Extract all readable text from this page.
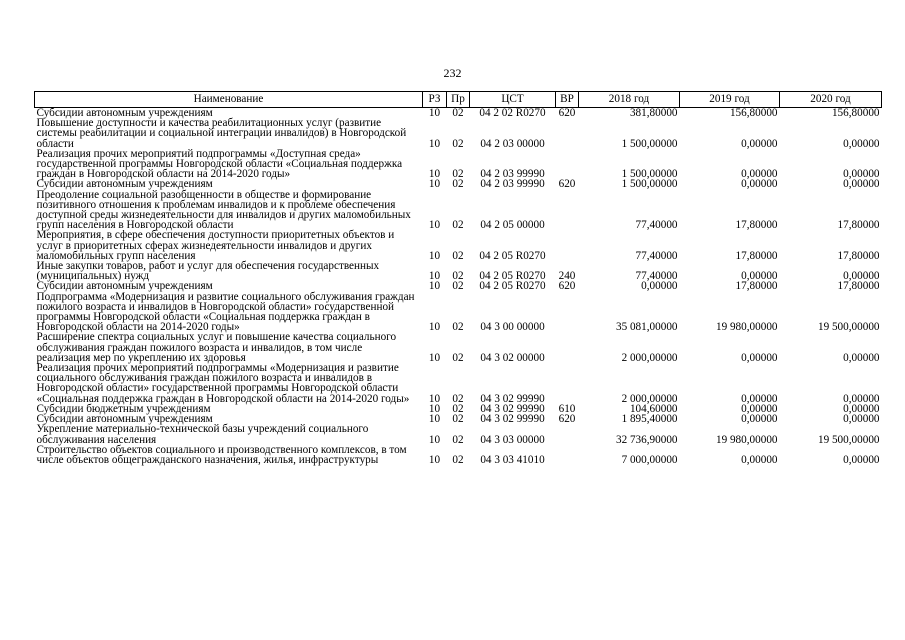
232
Наименование	РЗ	Пр	ЦСТ	ВР	2018 год	2019 год	2020 год
Субсидии автономным учреждениям	10	02	04 2 02 R0270	620	381,80000	156,80000	156,80000
Повышение доступности и качества реабилитационных услуг (развитие системы реабилитации и социальной интеграции инвалидов) в Новгородской области	10	02	04 2 03 00000		1 500,00000	0,00000	0,00000
Реализация прочих мероприятий подпрограммы «Доступная среда» государственной программы Новгородской области «Социальная поддержка граждан в Новгородской области на 2014-2020 годы»	10	02	04 2 03 99990		1 500,00000	0,00000	0,00000
Субсидии автономным учреждениям	10	02	04 2 03 99990	620	1 500,00000	0,00000	0,00000
Преодоление социальной разобщенности в обществе и формирование позитивного отношения к проблемам инвалидов и к проблеме обеспечения доступной среды жизнедеятельности для инвалидов и других маломобильных групп населения в Новгородской области	10	02	04 2 05 00000		77,40000	17,80000	17,80000
Мероприятия, в сфере обеспечения доступности приоритетных объектов и услуг в приоритетных сферах жизнедеятельности инвалидов и других маломобильных групп населения	10	02	04 2 05 R0270		77,40000	17,80000	17,80000
Иные закупки товаров, работ и услуг для обеспечения государственных (муниципальных) нужд	10	02	04 2 05 R0270	240	77,40000	0,00000	0,00000
Субсидии автономным учреждениям	10	02	04 2 05 R0270	620	0,00000	17,80000	17,80000
Подпрограмма «Модернизация и развитие социального обслуживания граждан пожилого возраста и инвалидов в Новгородской области» государственной программы Новгородской области «Социальная поддержка граждан в Новгородской области на 2014-2020 годы»	10	02	04 3 00 00000		35 081,00000	19 980,00000	19 500,00000
Расширение спектра социальных услуг и повышение качества социального обслуживания граждан пожилого возраста и инвалидов, в том числе реализация мер по укреплению их здоровья	10	02	04 3 02 00000		2 000,00000	0,00000	0,00000
Реализация прочих мероприятий подпрограммы «Модернизация и развитие социального обслуживания граждан пожилого возраста и инвалидов в Новгородской области» государственной программы Новгородской области «Социальная поддержка граждан в Новгородской области на 2014-2020 годы»	10	02	04 3 02 99990		2 000,00000	0,00000	0,00000
Субсидии бюджетным учреждениям	10	02	04 3 02 99990	610	104,60000	0,00000	0,00000
Субсидии автономным учреждениям	10	02	04 3 02 99990	620	1 895,40000	0,00000	0,00000
Укрепление материально-технической базы учреждений социального обслуживания населения	10	02	04 3 03 00000		32 736,90000	19 980,00000	19 500,00000
Строительство объектов социального и производственного комплексов, в том числе объектов общегражданского назначения, жилья, инфраструктуры	10	02	04 3 03 41010		7 000,00000	0,00000	0,00000
